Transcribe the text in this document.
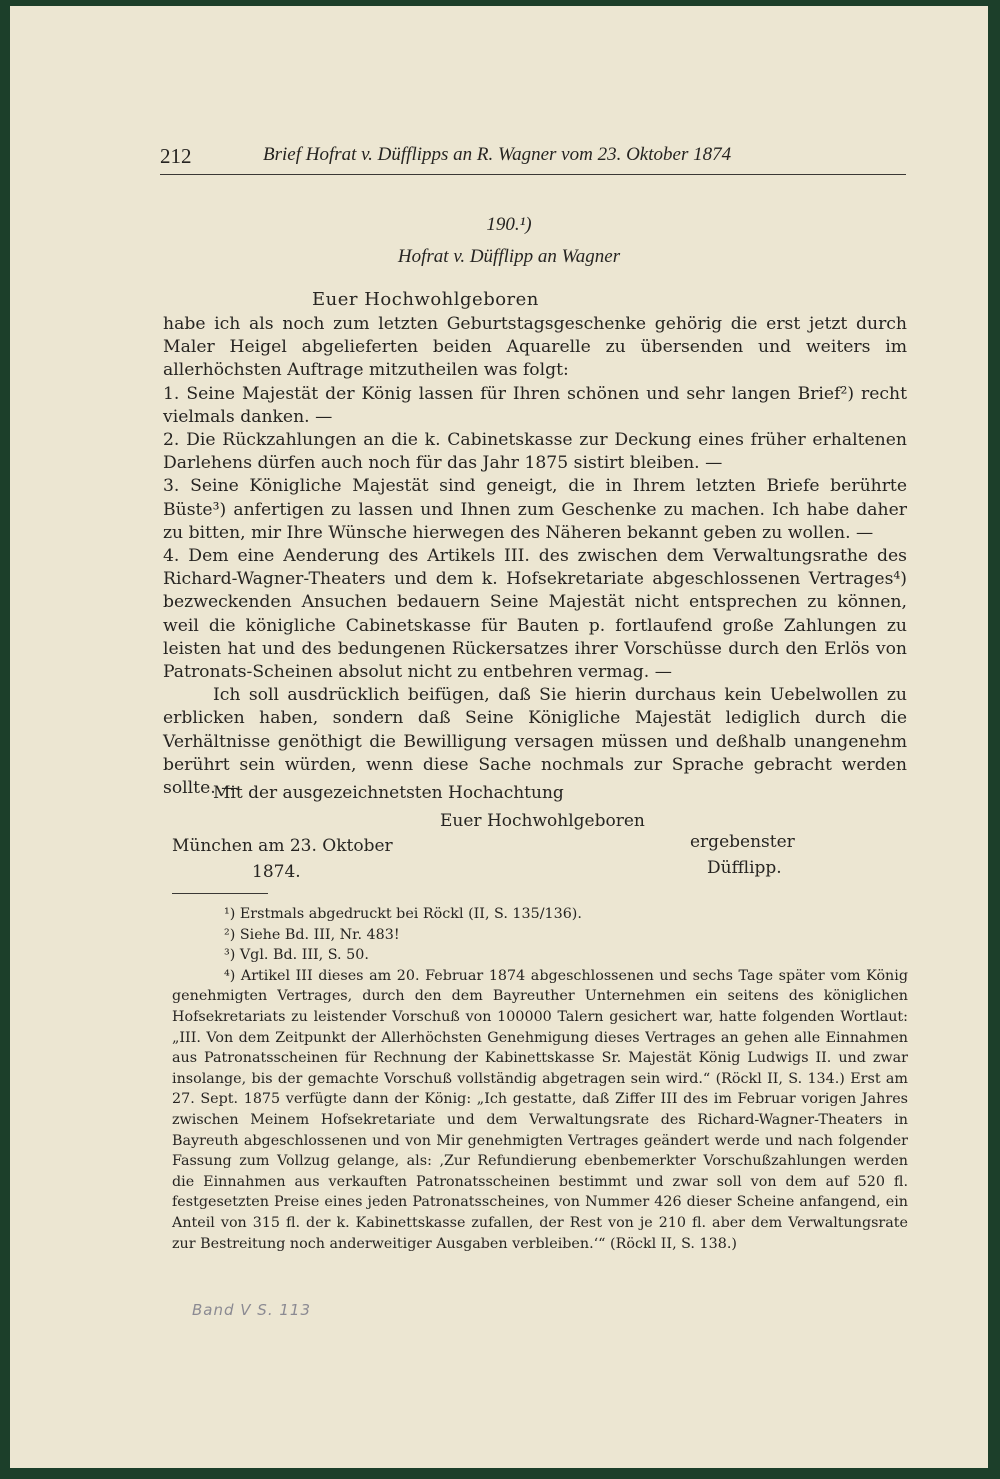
212	Brief Hofrat v. Düfflipps an R. Wagner vom 23. Oktober 1874
190.¹)
Hofrat v. Düfflipp an Wagner
Euer Hochwohlgeboren

habe ich als noch zum letzten Geburtstagsgeschenke gehörig die erst jetzt durch Maler Heigel abgelieferten beiden Aquarelle zu übersenden und weiters im allerhöchsten Auftrage mitzutheilen was folgt:

1. Seine Majestät der König lassen für Ihren schönen und sehr langen Brief²) recht vielmals danken. —

2. Die Rückzahlungen an die k. Cabinetskasse zur Deckung eines früher erhaltenen Darlehens dürfen auch noch für das Jahr 1875 sistirt bleiben. —

3. Seine Königliche Majestät sind geneigt, die in Ihrem letzten Briefe berührte Büste³) anfertigen zu lassen und Ihnen zum Geschenke zu machen. Ich habe daher zu bitten, mir Ihre Wünsche hierwegen des Näheren bekannt geben zu wollen. —

4. Dem eine Aenderung des Artikels III. des zwischen dem Verwaltungsrathe des Richard-Wagner-Theaters und dem k. Hofsekretariate abgeschlossenen Vertrages⁴) bezweckenden Ansuchen bedauern Seine Majestät nicht entsprechen zu können, weil die königliche Cabinetskasse für Bauten p. fortlaufend große Zahlungen zu leisten hat und des bedungenen Rückersatzes ihrer Vorschüsse durch den Erlös von Patronats-Scheinen absolut nicht zu entbehren vermag. —

Ich soll ausdrücklich beifügen, daß Sie hierin durchaus kein Uebelwollen zu erblicken haben, sondern daß Seine Königliche Majestät lediglich durch die Verhältnisse genöthigt die Bewilligung versagen müssen und deßhalb unangenehm berührt sein würden, wenn diese Sache nochmals zur Sprache gebracht werden sollte. —

Mit der ausgezeichnetsten Hochachtung
Euer Hochwohlgeboren
München am 23. Oktober
1874.
ergebenster
Düfflipp.

¹) Erstmals abgedruckt bei Röckl (II, S. 135/136).

²) Siehe Bd. III, Nr. 483!

³) Vgl. Bd. III, S. 50.

⁴) Artikel III dieses am 20. Februar 1874 abgeschlossenen und sechs Tage später vom König genehmigten Vertrages, durch den dem Bayreuther Unternehmen ein seitens des königlichen Hofsekretariats zu leistender Vorschuß von 100000 Talern gesichert war, hatte folgenden Wortlaut: „III. Von dem Zeitpunkt der Allerhöchsten Genehmigung dieses Vertrages an gehen alle Einnahmen aus Patronatsscheinen für Rechnung der Kabinettskasse Sr. Majestät König Ludwigs II. und zwar insolange, bis der gemachte Vorschuß vollständig abgetragen sein wird.“ (Röckl II, S. 134.) Erst am 27. Sept. 1875 verfügte dann der König: „Ich gestatte, daß Ziffer III des im Februar vorigen Jahres zwischen Meinem Hofsekretariate und dem Verwaltungsrate des Richard-Wagner-Theaters in Bayreuth abgeschlossenen und von Mir genehmigten Vertrages geändert werde und nach folgender Fassung zum Vollzug gelange, als: ‚Zur Refundierung ebenbemerkter Vorschußzahlungen werden die Einnahmen aus verkauften Patronatsscheinen bestimmt und zwar soll von dem auf 520 fl. festgesetzten Preise eines jeden Patronatsscheines, von Nummer 426 dieser Scheine anfangend, ein Anteil von 315 fl. der k. Kabinettskasse zufallen, der Rest von je 210 fl. aber dem Verwaltungsrate zur Bestreitung noch anderweitiger Ausgaben verbleiben.‘“ (Röckl II, S. 138.)

Band V S. 113
